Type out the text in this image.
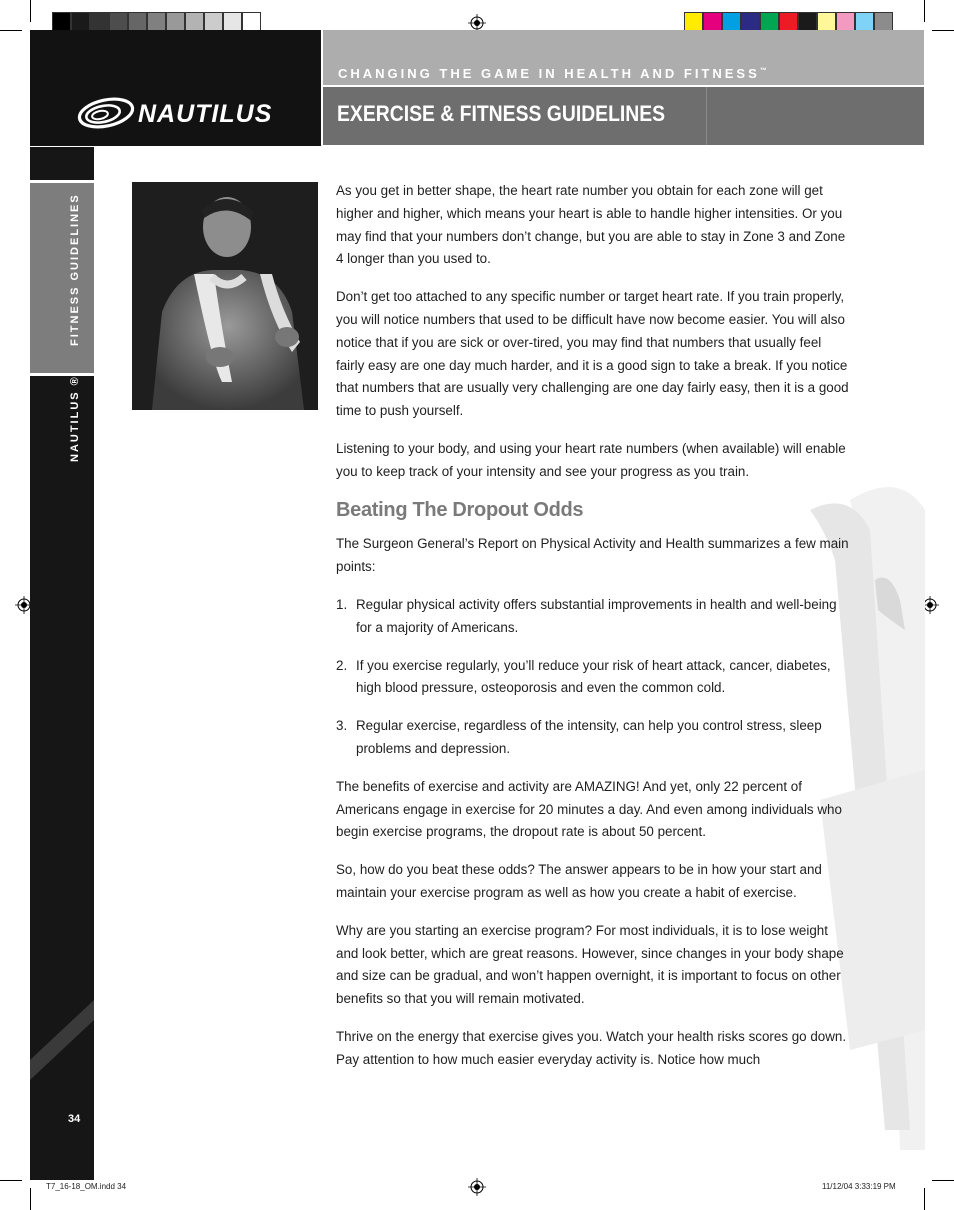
NAUTILUS
CHANGING THE GAME IN HEALTH AND FITNESS™
EXERCISE & FITNESS GUIDELINES
FITNESS GUIDELINES
NAUTILUS ®
34

As you get in better shape, the heart rate number you obtain for each zone will get higher and higher, which means your heart is able to handle higher intensities. Or you may find that your numbers don’t change, but you are able to stay in Zone 3 and Zone 4 longer than you used to.

Don’t get too attached to any specific number or target heart rate. If you train properly, you will notice numbers that used to be difficult have now become easier. You will also notice that if you are sick or over-tired, you may find that numbers that usually feel fairly easy are one day much harder, and it is a good sign to take a break. If you notice that numbers that are usually very challenging are one day fairly easy, then it is a good time to push yourself.

Listening to your body, and using your heart rate numbers (when available) will enable you to keep track of your intensity and see your progress as you train.

Beating The Dropout Odds

The Surgeon General’s Report on Physical Activity and Health summarizes a few main points:

1. Regular physical activity offers substantial improvements in health and well-being for a majority of Americans.
2. If you exercise regularly, you’ll reduce your risk of heart attack, cancer, diabetes, high blood pressure, osteoporosis and even the common cold.
3. Regular exercise, regardless of the intensity, can help you control stress, sleep problems and depression.

The benefits of exercise and activity are AMAZING! And yet, only 22 percent of Americans engage in exercise for 20 minutes a day. And even among individuals who begin exercise programs, the dropout rate is about 50 percent.

So, how do you beat these odds? The answer appears to be in how your start and maintain your exercise program as well as how you create a habit of exercise.

Why are you starting an exercise program? For most individuals, it is to lose weight and look better, which are great reasons. However, since changes in your body shape and size can be gradual, and won’t happen overnight, it is important to focus on other benefits so that you will remain motivated.

Thrive on the energy that exercise gives you. Watch your health risks scores go down. Pay attention to how much easier everyday activity is. Notice how much

T7_16-18_OM.indd 34	11/12/04 3:33:19 PM
